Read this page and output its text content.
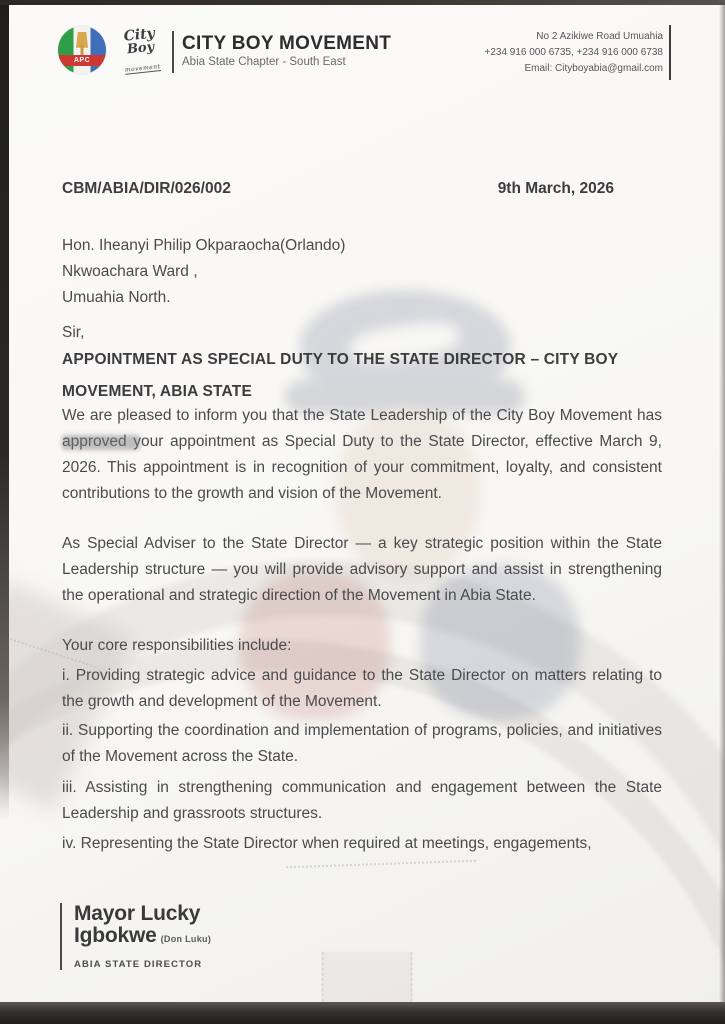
APC
City
Boy
movement
CITY BOY MOVEMENT
Abia State Chapter - South East
No 2 Azikiwe Road Umuahia
+234 916 000 6735, +234 916 000 6738
Email: Cityboyabia@gmail.com
CBM/ABIA/DIR/026/002	9th March, 2026
Hon. Iheanyi Philip Okparaocha(Orlando)
Nkwoachara Ward ,
Umuahia North.
Sir,
APPOINTMENT AS SPECIAL DUTY TO THE STATE DIRECTOR – CITY BOY
MOVEMENT, ABIA STATE
We are pleased to inform you that the State Leadership of the City Boy Movement has approved your appointment as Special Duty to the State Director, effective March 9, 2026. This appointment is in recognition of your commitment, loyalty, and consistent contributions to the growth and vision of the Movement.
As Special Adviser to the State Director — a key strategic position within the State Leadership structure — you will provide advisory support and assist in strengthening the operational and strategic direction of the Movement in Abia State.
Your core responsibilities include:
i. Providing strategic advice and guidance to the State Director on matters relating to the growth and development of the Movement.
ii. Supporting the coordination and implementation of programs, policies, and initiatives of the Movement across the State.
iii. Assisting in strengthening communication and engagement between the State Leadership and grassroots structures.
iv. Representing the State Director when required at meetings, engagements,
Mayor Lucky
Igbokwe (Don Luku)
ABIA STATE DIRECTOR
